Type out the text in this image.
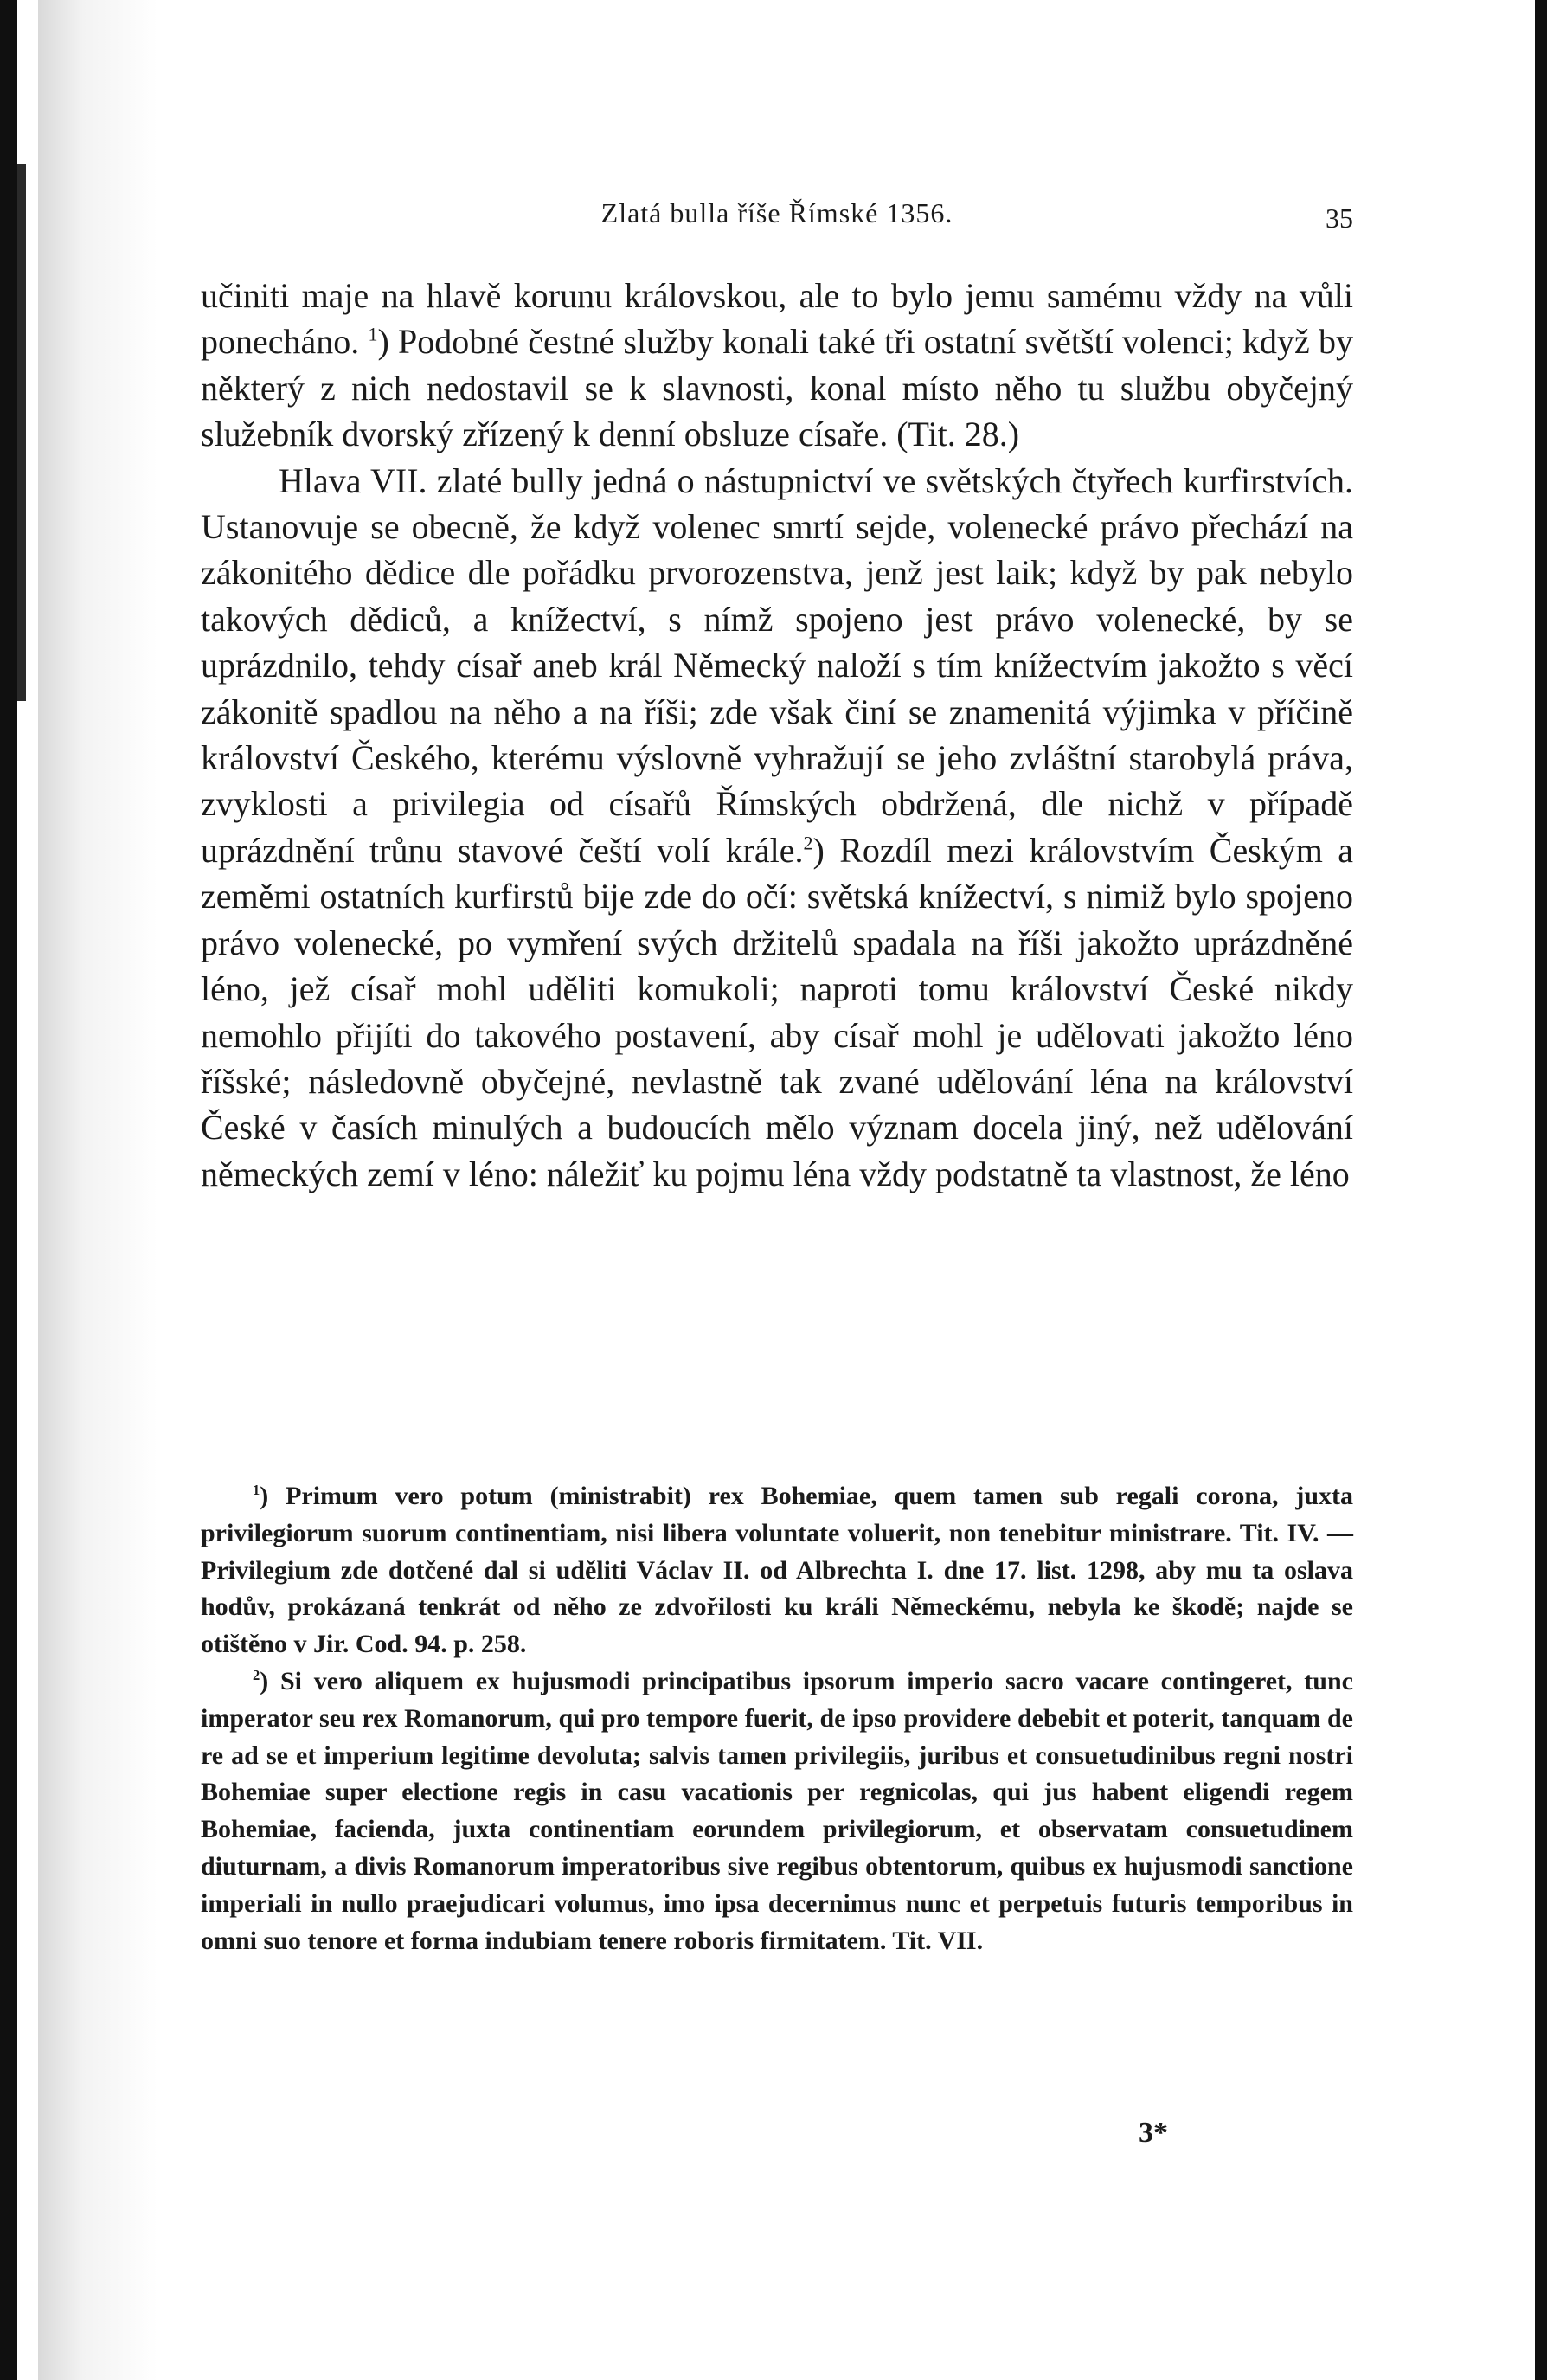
Zlatá bulla říše Římské 1356.	35

učiniti maje na hlavě korunu královskou, ale to bylo jemu samému vždy na vůli ponecháno. $^1$) Podobné čestné služby konali také tři ostatní světští volenci; když by některý z nich nedostavil se k slavnosti, konal místo něho tu službu obyčejný služebník dvorský zřízený k denní obsluze císaře. (Tit. 28.)

Hlava VII. zlaté bully jedná o nástupnictví ve světských čtyřech kurfirstvích. Ustanovuje se obecně, že když volenec smrtí sejde, volenecké právo přechází na zákonitého dědice dle pořádku prvorozenstva, jenž jest laik; když by pak nebylo takových dědiců, a knížectví, s nímž spojeno jest právo volenecké, by se uprázdnilo, tehdy císař aneb král Německý naloží s tím knížectvím jakožto s věcí zákonitě spadlou na něho a na říši; zde však činí se znamenitá výjimka v příčině království Českého, kterému výslovně vyhražují se jeho zvláštní starobylá práva, zvyklosti a privilegia od císařů Římských obdržená, dle nichž v případě uprázdnění trůnu stavové čeští volí krále.$^2$) Rozdíl mezi královstvím Českým a zeměmi ostatních kurfirstů bije zde do očí: světská knížectví, s nimiž bylo spojeno právo volenecké, po vymření svých držitelů spadala na říši jakožto uprázdněné léno, jež císař mohl uděliti komukoli; naproti tomu království České nikdy nemohlo přijíti do takového postavení, aby císař mohl je udělovati jakožto léno říšské; následovně obyčejné, nevlastně tak zvané udělování léna na království České v časích minulých a budoucích mělo význam docela jiný, než udělování německých zemí v léno: náležiť ku pojmu léna vždy podstatně ta vlastnost, že léno

$^1$) Primum vero potum (ministrabit) rex Bohemiae, quem tamen sub regali corona, juxta privilegiorum suorum continentiam, nisi libera voluntate voluerit, non tenebitur ministrare. Tit. IV. — Privilegium zde dotčené dal si uděliti Václav II. od Albrechta I. dne 17. list. 1298, aby mu ta oslava hodův, prokázaná tenkrát od něho ze zdvořilosti ku králi Německému, nebyla ke škodě; najde se otištěno v Jir. Cod. 94. p. 258.

$^2$) Si vero aliquem ex hujusmodi principatibus ipsorum imperio sacro vacare contingeret, tunc imperator seu rex Romanorum, qui pro tempore fuerit, de ipso providere debebit et poterit, tanquam de re ad se et imperium legitime devoluta; salvis tamen privilegiis, juribus et consuetudinibus regni nostri Bohemiae super electione regis in casu vacationis per regnicolas, qui jus habent eligendi regem Bohemiae, facienda, juxta continentiam eorundem privilegiorum, et observatam consuetudinem diuturnam, a divis Romanorum imperatoribus sive regibus obtentorum, quibus ex hujusmodi sanctione imperiali in nullo praejudicari volumus, imo ipsa decernimus nunc et perpetuis futuris temporibus in omni suo tenore et forma indubiam tenere roboris firmitatem. Tit. VII.

3*
